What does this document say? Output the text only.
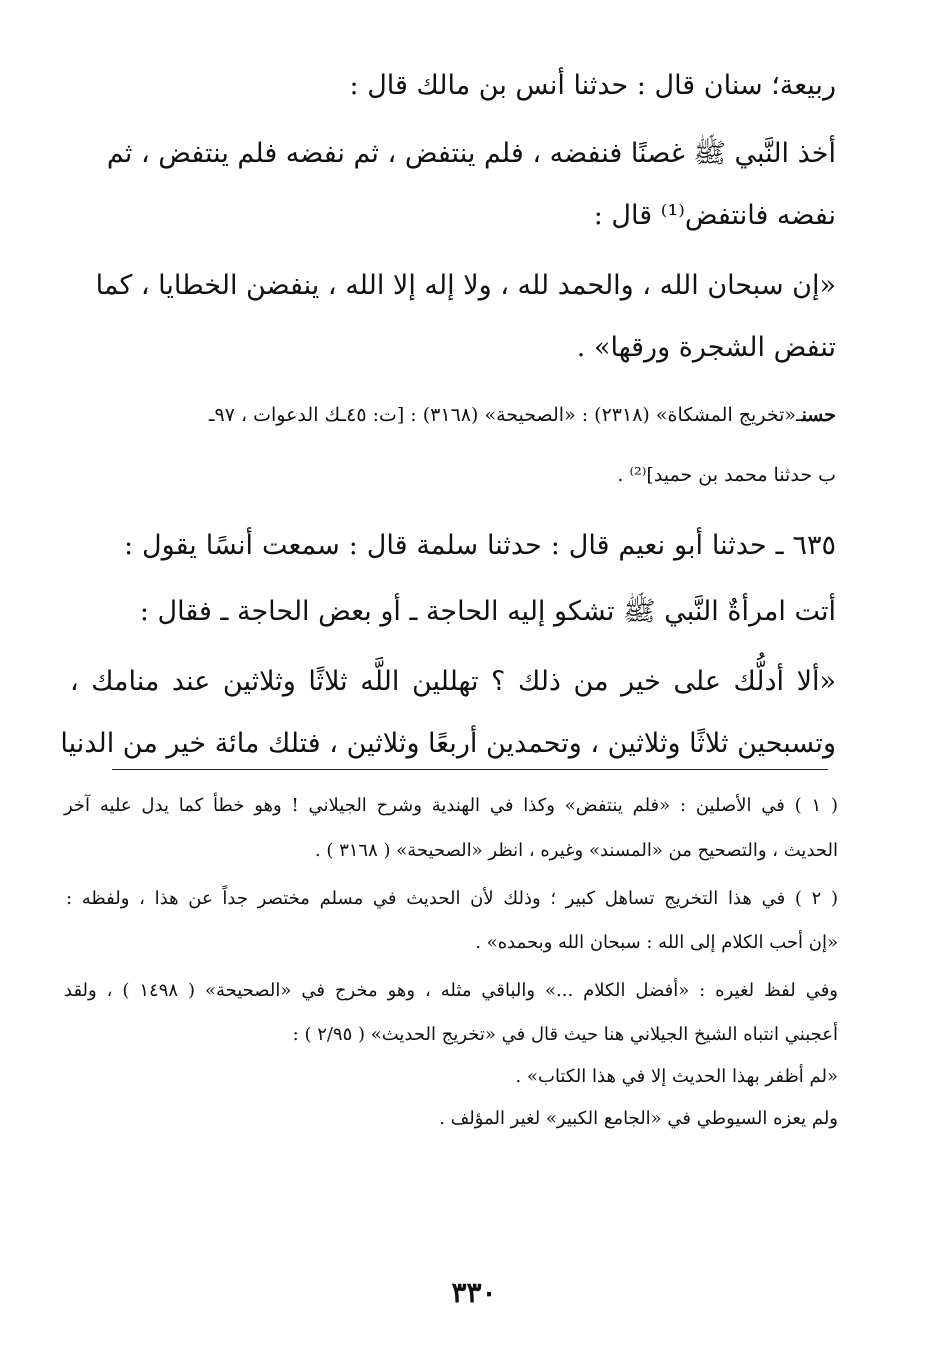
ربيعة؛ سنان قال : حدثنا أنس بن مالك قال :
أخذ النَّبي ﷺ غصنًا فنفضه ، فلم ينتفض ، ثم نفضه فلم ينتفض ، ثم
نفضه فانتفض⁽¹⁾ قال :
«إن سبحان الله ، والحمد لله ، ولا إله إلا الله ، ينفضن الخطايا ، كما
تنفض الشجرة ورقها» .
حسنـ«تخريج المشكاة» (٢٣١٨) : «الصحيحة» (٣١٦٨) : [ت: ٤٥ـك الدعوات ، ٩٧ـ
ب حدثنا محمد بن حميد]⁽²⁾ .
٦٣٥ ـ حدثنا أبو نعيم قال : حدثنا سلمة قال : سمعت أنسًا يقول :
أتت امرأةٌ النَّبي ﷺ تشكو إليه الحاجة ـ أو بعض الحاجة ـ فقال :
«ألا أدلُّك على خير من ذلك ؟ تهللين اللَّه ثلاثًا وثلاثين عند منامك ،
وتسبحين ثلاثًا وثلاثين ، وتحمدين أربعًا وثلاثين ، فتلك مائة خير من الدنيا
( ١ ) في الأصلين : «فلم ينتفض» وكذا في الهندية وشرح الجيلاني ! وهو خطأ كما يدل عليه آخر
الحديث ، والتصحيح من «المسند» وغيره ، انظر «الصحيحة» ( ٣١٦٨ ) .
( ٢ ) في هذا التخريج تساهل كبير ؛ وذلك لأن الحديث في مسلم مختصر جداً عن هذا ، ولفظه :
«إن أحب الكلام إلى الله : سبحان الله وبحمده» .
وفي لفظ لغيره : «أفضل الكلام ...» والباقي مثله ، وهو مخرج في «الصحيحة» ( ١٤٩٨ ) ، ولقد
أعجبني انتباه الشيخ الجيلاني هنا حيث قال في «تخريج الحديث» ( ٢/٩٥ ) :
«لم أظفر بهذا الحديث إلا في هذا الكتاب» .
ولم يعزه السيوطي في «الجامع الكبير» لغير المؤلف .
٣٣٠
